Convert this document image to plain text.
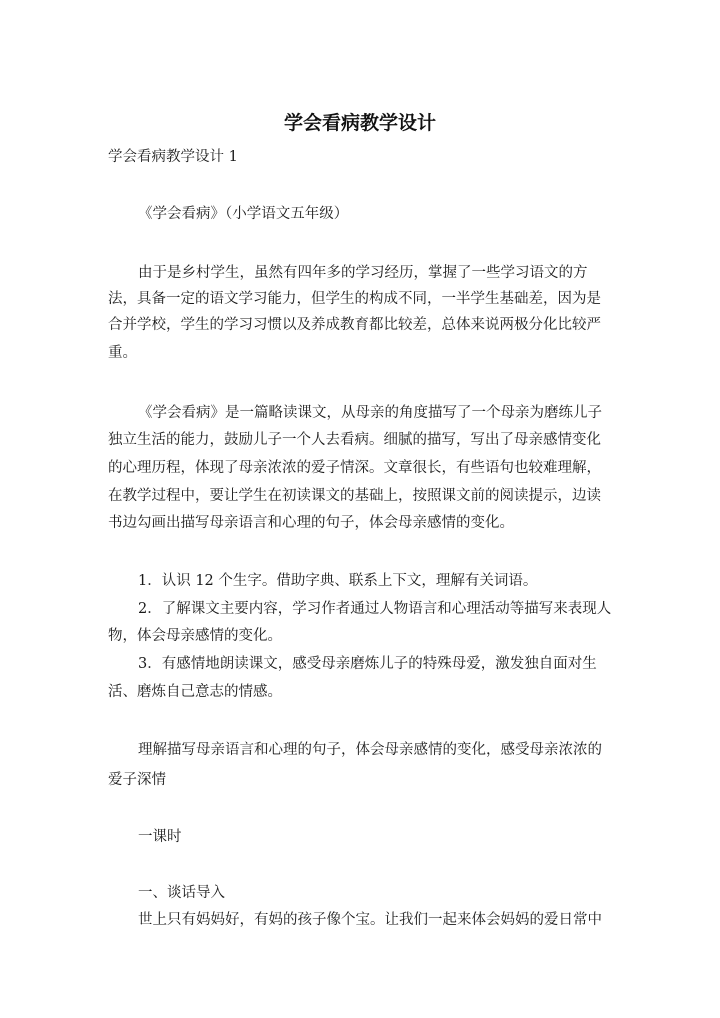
学会看病教学设计
学会看病教学设计 1
《学会看病》（小学语文五年级）
由于是乡村学生，虽然有四年多的学习经历，掌握了一些学习语文的方
法，具备一定的语文学习能力，但学生的构成不同，一半学生基础差，因为是
合并学校，学生的学习习惯以及养成教育都比较差，总体来说两极分化比较严
重。
《学会看病》是一篇略读课文，从母亲的角度描写了一个母亲为磨练儿子
独立生活的能力，鼓励儿子一个人去看病。细腻的描写，写出了母亲感情变化
的心理历程，体现了母亲浓浓的爱子情深。文章很长，有些语句也较难理解，
在教学过程中，要让学生在初读课文的基础上，按照课文前的阅读提示，边读
书边勾画出描写母亲语言和心理的句子，体会母亲感情的变化。
1．认识 12 个生字。借助字典、联系上下文，理解有关词语。
2．了解课文主要内容，学习作者通过人物语言和心理活动等描写来表现人
物，体会母亲感情的变化。
3．有感情地朗读课文，感受母亲磨炼儿子的特殊母爱，激发独自面对生
活、磨炼自己意志的情感。
理解描写母亲语言和心理的句子，体会母亲感情的变化，感受母亲浓浓的
爱子深情
一课时
一、谈话导入
世上只有妈妈好，有妈的孩子像个宝。让我们一起来体会妈妈的爱日常中
